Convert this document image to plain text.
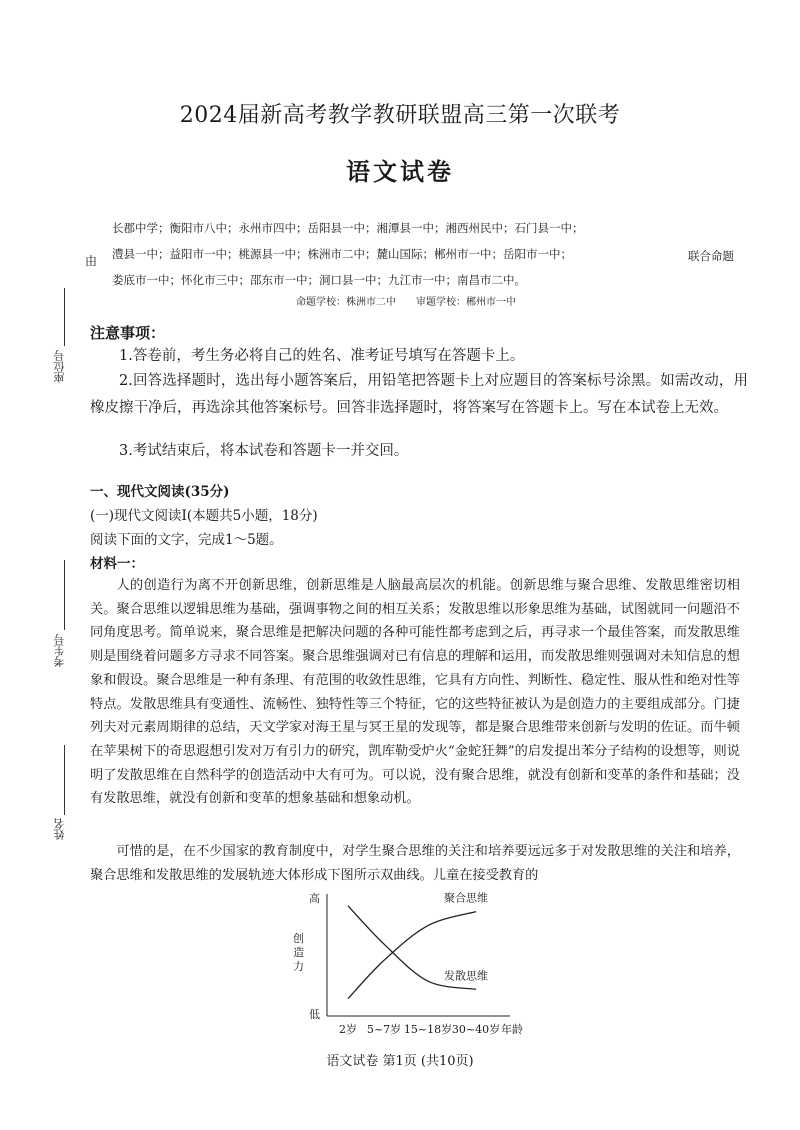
2024届新高考教学教研联盟高三第一次联考
语文试卷
长郡中学；衡阳市八中；永州市四中；岳阳县一中；湘潭县一中；湘西州民中；石门县一中；
澧县一中；益阳市一中；桃源县一中；株洲市二中；麓山国际；郴州市一中；岳阳市一中；
娄底市一中；怀化市三中；邵东市一中；洞口县一中；九江市一中；南昌市二中。
由	联合命题
命题学校：株洲市二中　　审题学校：郴州市一中
座位号
考生号
姓名
注意事项：
1.答卷前，考生务必将自己的姓名、准考证号填写在答题卡上。
2.回答选择题时，选出每小题答案后，用铅笔把答题卡上对应题目的答案标号涂黑。如需改动，用橡皮擦干净后，再选涂其他答案标号。回答非选择题时，将答案写在答题卡上。写在本试卷上无效。
3.考试结束后，将本试卷和答题卡一并交回。
一、现代文阅读(35分)
(一)现代文阅读Ⅰ(本题共5小题，18分)
阅读下面的文字，完成1～5题。
材料一：
人的创造行为离不开创新思维，创新思维是人脑最高层次的机能。创新思维与聚合思维、发散思维密切相关。聚合思维以逻辑思维为基础，强调事物之间的相互关系；发散思维以形象思维为基础，试图就同一问题沿不同角度思考。简单说来，聚合思维是把解决问题的各种可能性都考虑到之后，再寻求一个最佳答案，而发散思维则是围绕着问题多方寻求不同答案。聚合思维强调对已有信息的理解和运用，而发散思维则强调对未知信息的想象和假设。聚合思维是一种有条理、有范围的收敛性思维，它具有方向性、判断性、稳定性、服从性和绝对性等特点。发散思维具有变通性、流畅性、独特性等三个特征，它的这些特征被认为是创造力的主要组成部分。门捷列夫对元素周期律的总结，天文学家对海王星与冥王星的发现等，都是聚合思维带来创新与发明的佐证。而牛顿在苹果树下的奇思遐想引发对万有引力的研究，凯库勒受炉火“金蛇狂舞”的启发提出苯分子结构的设想等，则说明了发散思维在自然科学的创造活动中大有可为。可以说，没有聚合思维，就没有创新和变革的条件和基础；没有发散思维，就没有创新和变革的想象基础和想象动机。
可惜的是，在不少国家的教育制度中，对学生聚合思维的关注和培养要远远多于对发散思维的关注和培养，聚合思维和发散思维的发展轨迹大体形成下图所示双曲线。儿童在接受教育的
高
低
创
造
力
2岁 5~7岁 15~18岁 30~40岁 年龄
聚合思维
发散思维
语文试卷 第1页 (共10页)
